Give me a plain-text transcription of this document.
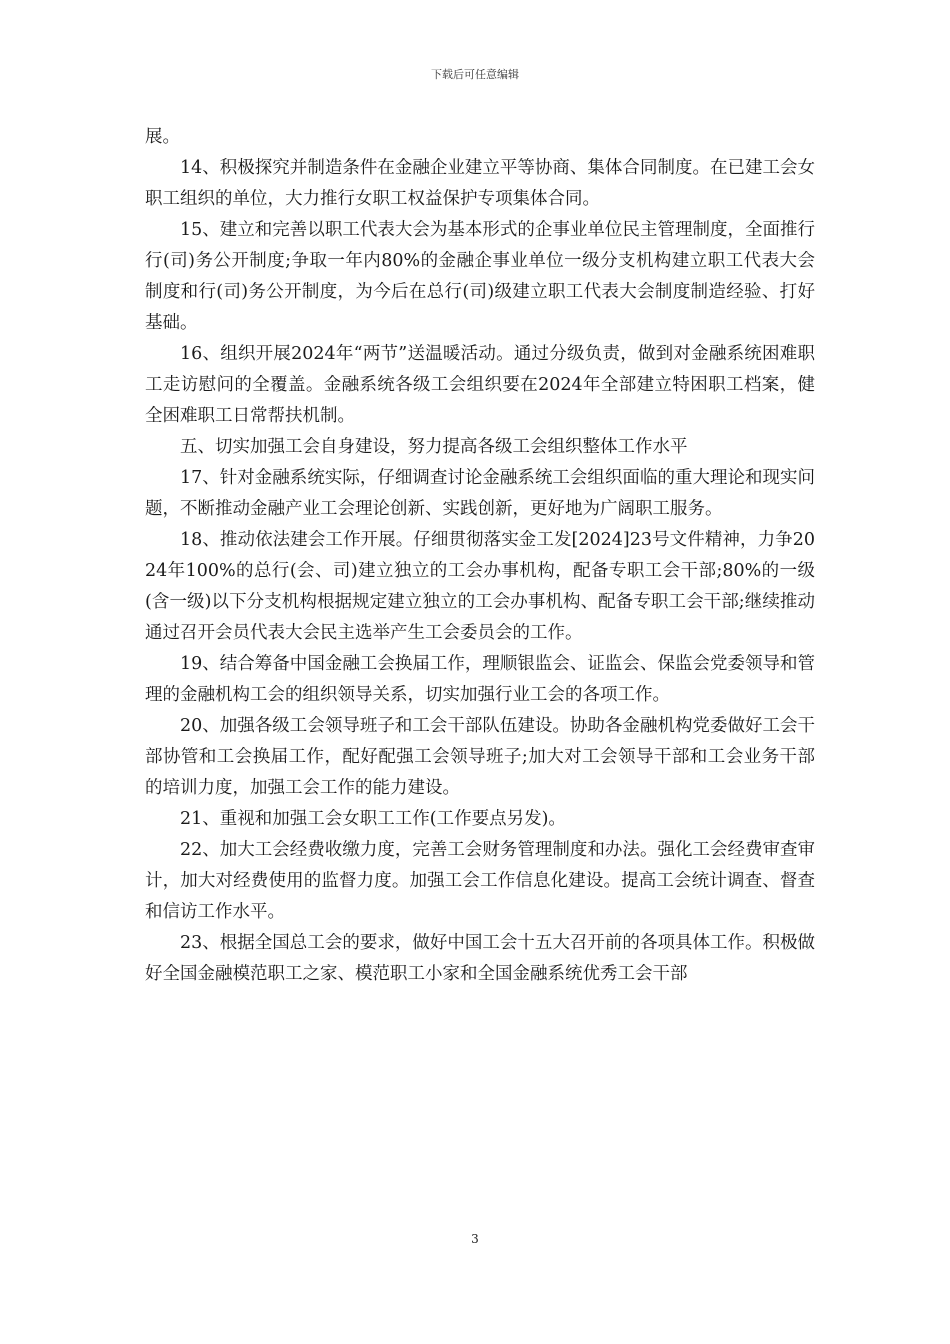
下载后可任意编辑

展。

14、积极探究并制造条件在金融企业建立平等协商、集体合同制度。在已建工会女职工组织的单位，大力推行女职工权益保护专项集体合同。

15、建立和完善以职工代表大会为基本形式的企事业单位民主管理制度，全面推行行(司)务公开制度;争取一年内80%的金融企事业单位一级分支机构建立职工代表大会制度和行(司)务公开制度，为今后在总行(司)级建立职工代表大会制度制造经验、打好基础。

16、组织开展2024年“两节”送温暖活动。通过分级负责，做到对金融系统困难职工走访慰问的全覆盖。金融系统各级工会组织要在2024年全部建立特困职工档案，健全困难职工日常帮扶机制。

五、切实加强工会自身建设，努力提高各级工会组织整体工作水平

17、针对金融系统实际，仔细调查讨论金融系统工会组织面临的重大理论和现实问题，不断推动金融产业工会理论创新、实践创新，更好地为广阔职工服务。

18、推动依法建会工作开展。仔细贯彻落实金工发[2024]23号文件精神，力争2024年100%的总行(会、司)建立独立的工会办事机构，配备专职工会干部;80%的一级(含一级)以下分支机构根据规定建立独立的工会办事机构、配备专职工会干部;继续推动通过召开会员代表大会民主选举产生工会委员会的工作。

19、结合筹备中国金融工会换届工作，理顺银监会、证监会、保监会党委领导和管理的金融机构工会的组织领导关系，切实加强行业工会的各项工作。

20、加强各级工会领导班子和工会干部队伍建设。协助各金融机构党委做好工会干部协管和工会换届工作，配好配强工会领导班子;加大对工会领导干部和工会业务干部的培训力度，加强工会工作的能力建设。

21、重视和加强工会女职工工作(工作要点另发)。

22、加大工会经费收缴力度，完善工会财务管理制度和办法。强化工会经费审查审计，加大对经费使用的监督力度。加强工会工作信息化建设。提高工会统计调查、督查和信访工作水平。

23、根据全国总工会的要求，做好中国工会十五大召开前的各项具体工作。积极做好全国金融模范职工之家、模范职工小家和全国金融系统优秀工会干部

3
